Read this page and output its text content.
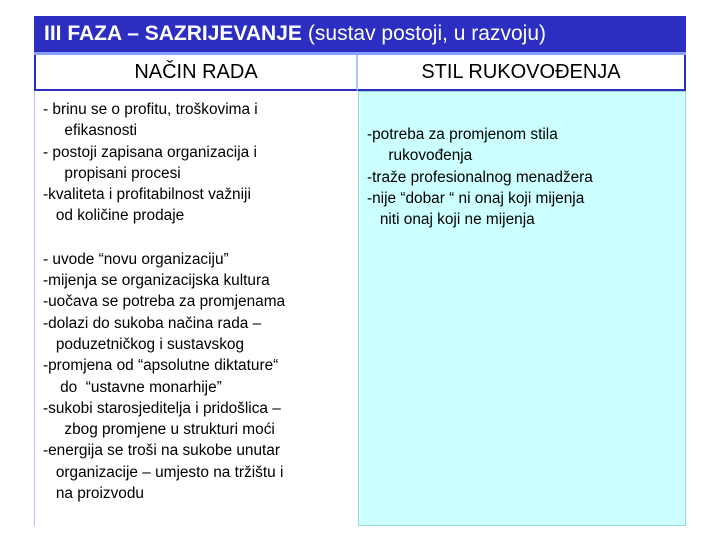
III FAZA – SAZRIJEVANJE (sustav postoji, u razvoju)
NAČIN RADA	STIL RUKOVOĐENJA
- brinu se o profitu, troškovima i
efikasnosti
- postoji zapisana organizacija i
propisani procesi
-kvaliteta i profitabilnost važniji
od količine prodaje
- uvode “novu organizaciju”
-mijenja se organizacijska kultura
-uočava se potreba za promjenama
-dolazi do sukoba načina rada –
poduzetničkog i sustavskog
-promjena od “apsolutne diktature“
do  “ustavne monarhije”
-sukobi starosjeditelja i pridošlica –
zbog promjene u strukturi moći
-energija se troši na sukobe unutar
organizacije – umjesto na tržištu i
na proizvodu
-potreba za promjenom stila
rukovođenja
-traže profesionalnog menadžera
-nije “dobar “ ni onaj koji mijenja
niti onaj koji ne mijenja
